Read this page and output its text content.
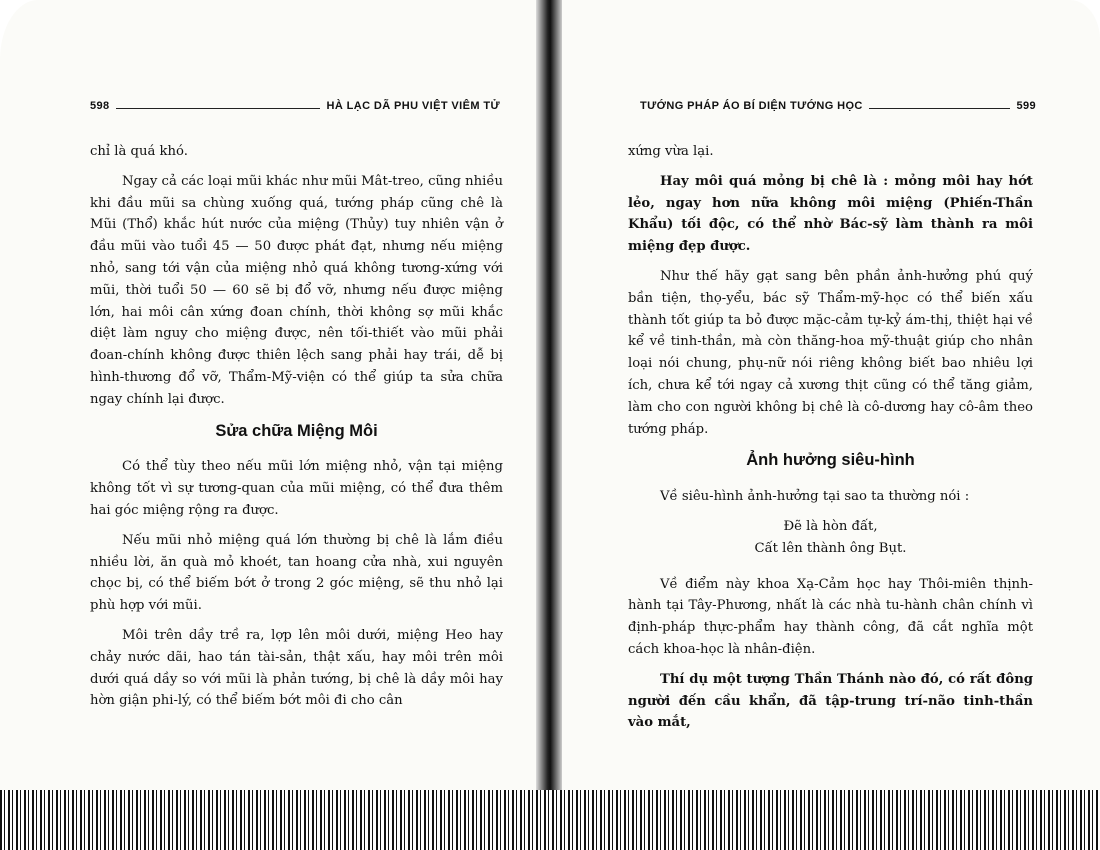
598	HÀ LẠC DÃ PHU VIỆT VIÊM TỬ	TƯỚNG PHÁP ÁO BÍ DIỆN TƯỚNG HỌC	599

chỉ là quá khó.

Ngay cả các loại mũi khác như mũi Mât-treo, cũng nhiều khi đầu mũi sa chùng xuống quá, tướng pháp cũng chê là Mũi (Thổ) khắc hút nước của miệng (Thủy) tuy nhiên vận ở đầu mũi vào tuổi 45 — 50 được phát đạt, nhưng nếu miệng nhỏ, sang tới vận của miệng nhỏ quá không tương-xứng với mũi, thời tuổi 50 — 60 sẽ bị đổ vỡ, nhưng nếu được miệng lớn, hai môi cân xứng đoan chính, thời không sợ mũi khắc diệt làm nguy cho miệng được, nên tối-thiết vào mũi phải đoan-chính không được thiên lệch sang phải hay trái, dễ bị hình-thương đổ vỡ, Thẩm-Mỹ-viện có thể giúp ta sửa chữa ngay chính lại được.

Sửa chữa Miệng Môi

Có thể tùy theo nếu mũi lớn miệng nhỏ, vận tại miệng không tốt vì sự tương-quan của mũi miệng, có thể đưa thêm hai góc miệng rộng ra được.

Nếu mũi nhỏ miệng quá lớn thường bị chê là lắm điều nhiều lời, ăn quà mỏ khoét, tan hoang cửa nhà, xui nguyên chọc bị, có thể biếm bớt ở trong 2 góc miệng, sẽ thu nhỏ lại phù hợp với mũi.

Môi trên dầy trề ra, lợp lên môi dưới, miệng Heo hay chảy nước dãi, hao tán tài-sản, thật xấu, hay môi trên môi dưới quá dầy so với mũi là phản tướng, bị chê là dầy môi hay hờn giận phi-lý, có thể biếm bớt môi đi cho cân

xứng vừa lại.

Hay môi quá mỏng bị chê là : mỏng môi hay hớt lẻo, ngay hơn nữa không môi miệng (Phiến-Thần Khẩu) tối độc, có thể nhờ Bác-sỹ làm thành ra môi miệng đẹp được.

Như thế hãy gạt sang bên phần ảnh-hưởng phú quý bần tiện, thọ-yểu, bác sỹ Thẩm-mỹ-học có thể biến xấu thành tốt giúp ta bỏ được mặc-cảm tự-kỷ ám-thị, thiệt hại về kể về tinh-thần, mà còn thăng-hoa mỹ-thuật giúp cho nhân loại nói chung, phụ-nữ nói riêng không biết bao nhiêu lợi ích, chưa kể tới ngay cả xương thịt cũng có thể tăng giảm, làm cho con người không bị chê là cô-dương hay cô-âm theo tướng pháp.

Ảnh hưởng siêu-hình

Về siêu-hình ảnh-hưởng tại sao ta thường nói :

Đẽ là hòn đất,

Cất lên thành ông Bụt.

Về điểm này khoa Xạ-Cảm học hay Thôi-miên thịnh-hành tại Tây-Phương, nhất là các nhà tu-hành chân chính vì định-pháp thực-phẩm hay thành công, đã cắt nghĩa một cách khoa-học là nhân-điện.

Thí dụ một tượng Thần Thánh nào đó, có rất đông người đến cầu khẩn, đã tập-trung trí-não tinh-thần vào mắt,
